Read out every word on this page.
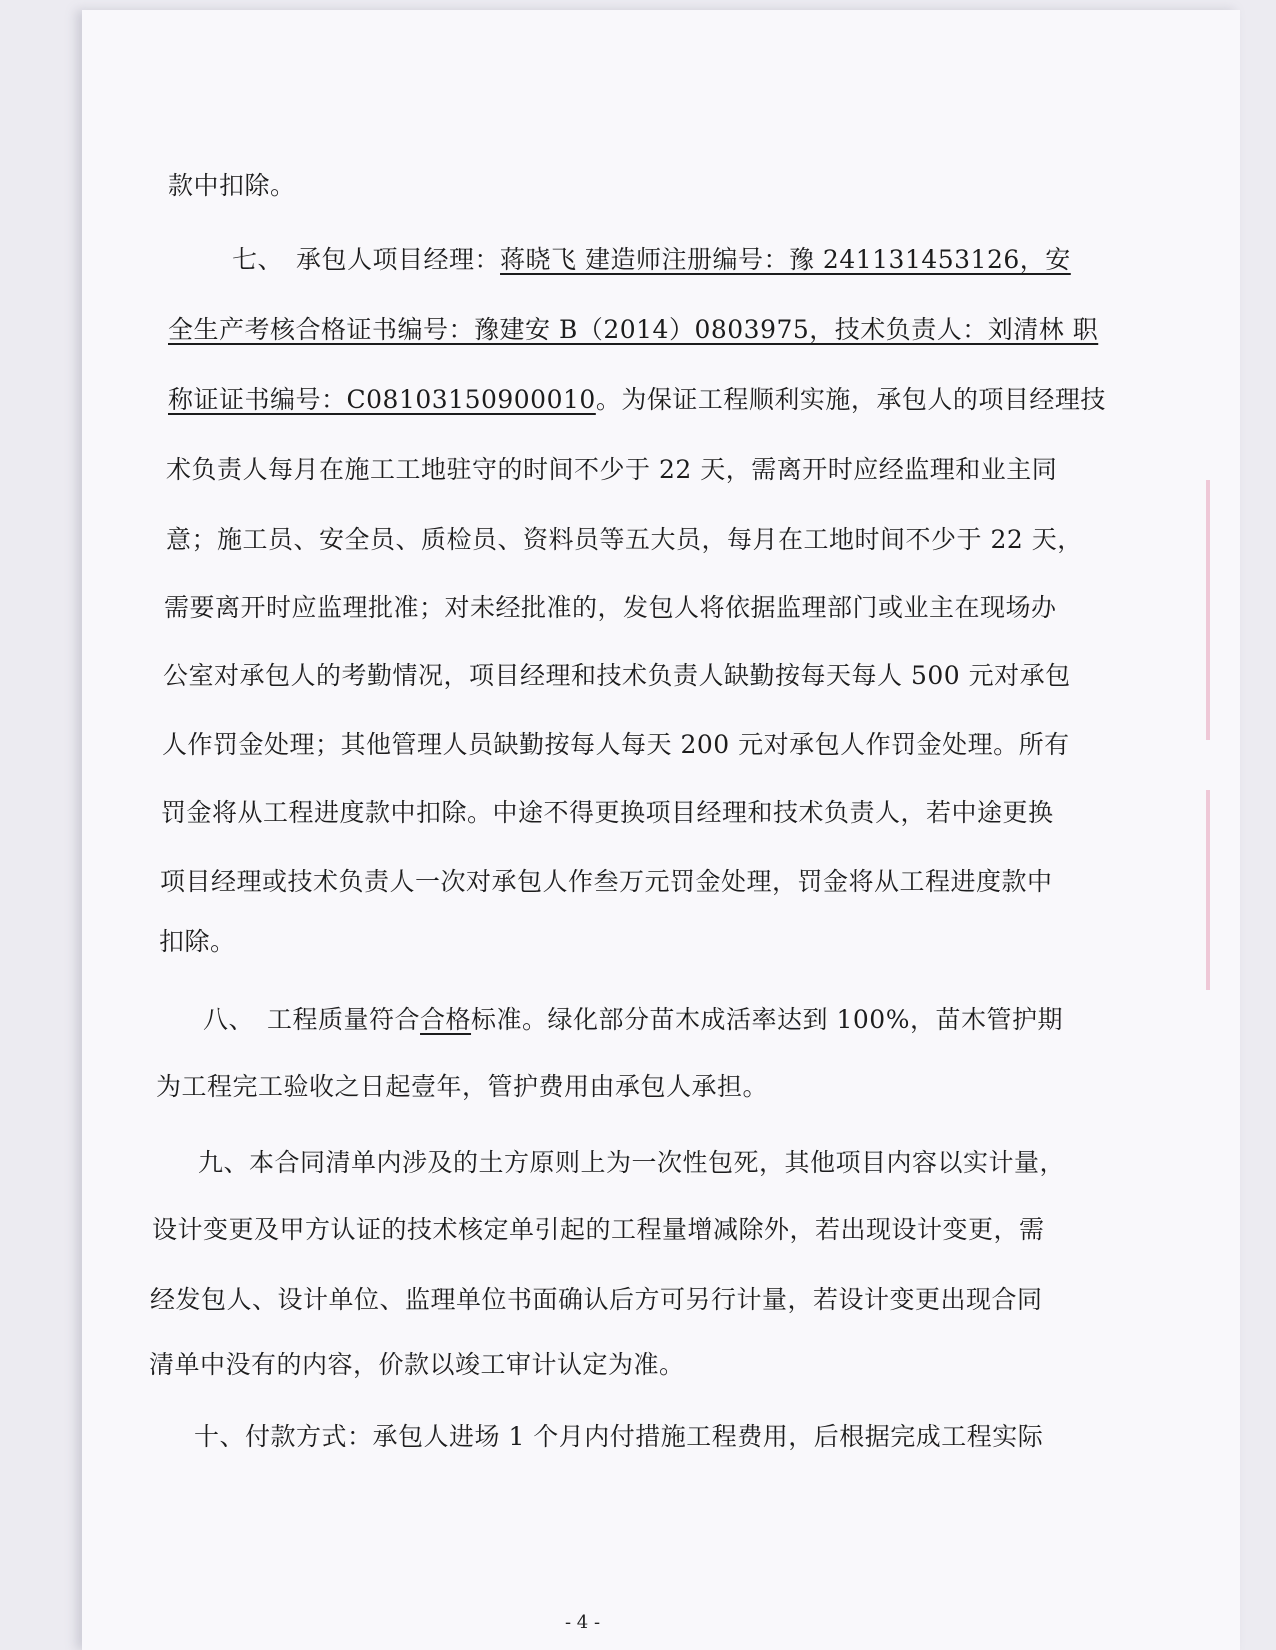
款中扣除。
七、　承包人项目经理：蒋晓飞 建造师注册编号：豫 241131453126，安
全生产考核合格证书编号：豫建安 B（2014）0803975，技术负责人：刘清林 职
称证证书编号：C08103150900010。为保证工程顺利实施，承包人的项目经理技
术负责人每月在施工工地驻守的时间不少于 22 天，需离开时应经监理和业主同
意；施工员、安全员、质检员、资料员等五大员，每月在工地时间不少于 22 天，
需要离开时应监理批准；对未经批准的，发包人将依据监理部门或业主在现场办
公室对承包人的考勤情况，项目经理和技术负责人缺勤按每天每人 500 元对承包
人作罚金处理；其他管理人员缺勤按每人每天 200 元对承包人作罚金处理。所有
罚金将从工程进度款中扣除。中途不得更换项目经理和技术负责人，若中途更换
项目经理或技术负责人一次对承包人作叁万元罚金处理，罚金将从工程进度款中
扣除。
八、　工程质量符合合格标准。绿化部分苗木成活率达到 100%，苗木管护期
为工程完工验收之日起壹年，管护费用由承包人承担。
九、本合同清单内涉及的土方原则上为一次性包死，其他项目内容以实计量，
设计变更及甲方认证的技术核定单引起的工程量增减除外，若出现设计变更，需
经发包人、设计单位、监理单位书面确认后方可另行计量，若设计变更出现合同
清单中没有的内容，价款以竣工审计认定为准。
十、付款方式：承包人进场 1 个月内付措施工程费用，后根据完成工程实际
- 4 -
